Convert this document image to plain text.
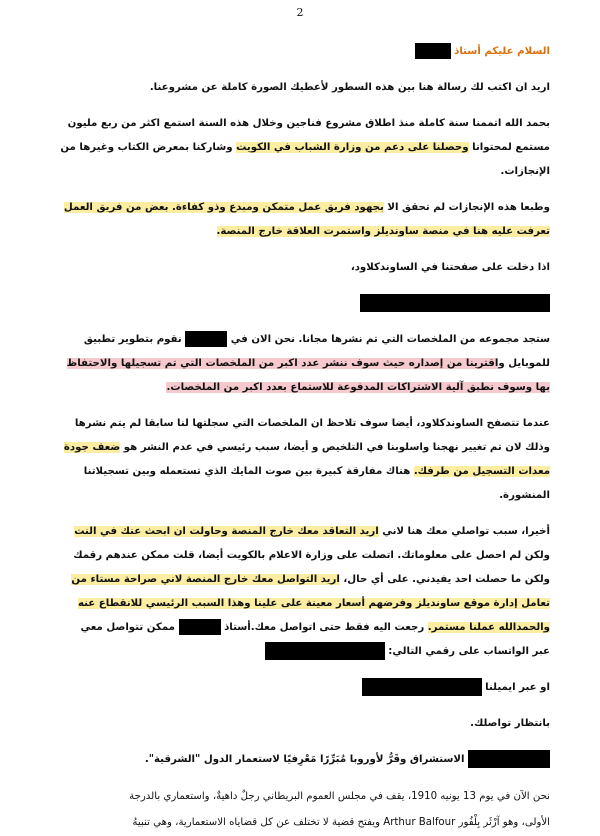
2

السلام عليكم أستاذ

اريد ان اكتب لك رسالة هنا بين هذه السطور لأعطيك الصورة كاملة عن مشروعنا.

بحمد الله اتممنا سنة كاملة منذ اطلاق مشروع فناجين وخلال هذه السنة استمع اكثر من ربع مليون
مستمع لمحتوانا وحصلنا على دعم من وزارة الشباب في الكويت وشاركنا بمعرض الكتاب وغيرها من
الإنجازات.

وطبعا هذه الإنجازات لم تحقق الا بجهود فريق عمل متمكن ومبدع وذو كفاءة. بعض من فريق العمل
تعرفت عليه هنا في منصة ساونديلز واستمرت العلاقة خارج المنصة.

اذا دخلت على صفحتنا في الساوندكلاود،

ستجد مجموعه من الملخصات التي تم نشرها مجانا. نحن الان في  نقوم بتطوير تطبيق
للموبايل واقترينا من إصداره حيث سوف ننشر عدد اكبر من الملخصات التي تم تسجيلها والاحتفاظ
بها وسوف نطبق آلية الاشتراكات المدفوعة للاستماع بعدد اكبر من الملخصات.

عندما تتصفح الساوندكلاود، أيضا سوف تلاحظ ان الملخصات التي سجلتها لنا سابقا لم يتم نشرها
وذلك لان تم تغيير نهجنا واسلوبنا في التلخيص و أيضا، سبب رئيسي في عدم النشر هو ضعف جودة
معدات التسجيل من طرفك. هناك مفارقة كبيرة بين صوت المايك الذي تستعمله وبين تسجيلاتنا
المنشورة.

أخيرا، سبب تواصلي معك هنا لاني اريد التعاقد معك خارج المنصة وحاولت ان ابحث عنك في النت
ولكن لم احصل على معلوماتك. اتصلت على وزارة الاعلام بالكويت أيضا، قلت ممكن عندهم رقمك
ولكن ما حصلت احد يفيدني. على أي حال، اريد التواصل معك خارج المنصة لاني صراحة مستاء من
تعامل إدارة موقع ساونديلز وفرضهم أسعار معينة على علينا وهذا السبب الرئيسي للانقطاع عنه
والحمدالله عملنا مستمر. رجعت اليه فقط حتى اتواصل معك.أستاذ  ممكن تتواصل معي
عبر الواتساب على رقمي التالي:

او عبر ايميلنا

بانتظار تواصلك.

الاستشراق وقَرُّ لأوروبا مُبَرِّرًا مَعْرِفيًا لاستعمار الدول "الشرقية".

نحن الآن في يوم 13 يونيه 1910، يقف في مجلس العموم البريطاني رجلٌ داهيةٌ، واستعماري بالدرجة
الأولى، وهو آرْثَر بِلْفُور Arthur Balfour ويفتح قضية لا تختلف عن كل قضاياه الاستعمارية، وهي تنبيهُ
